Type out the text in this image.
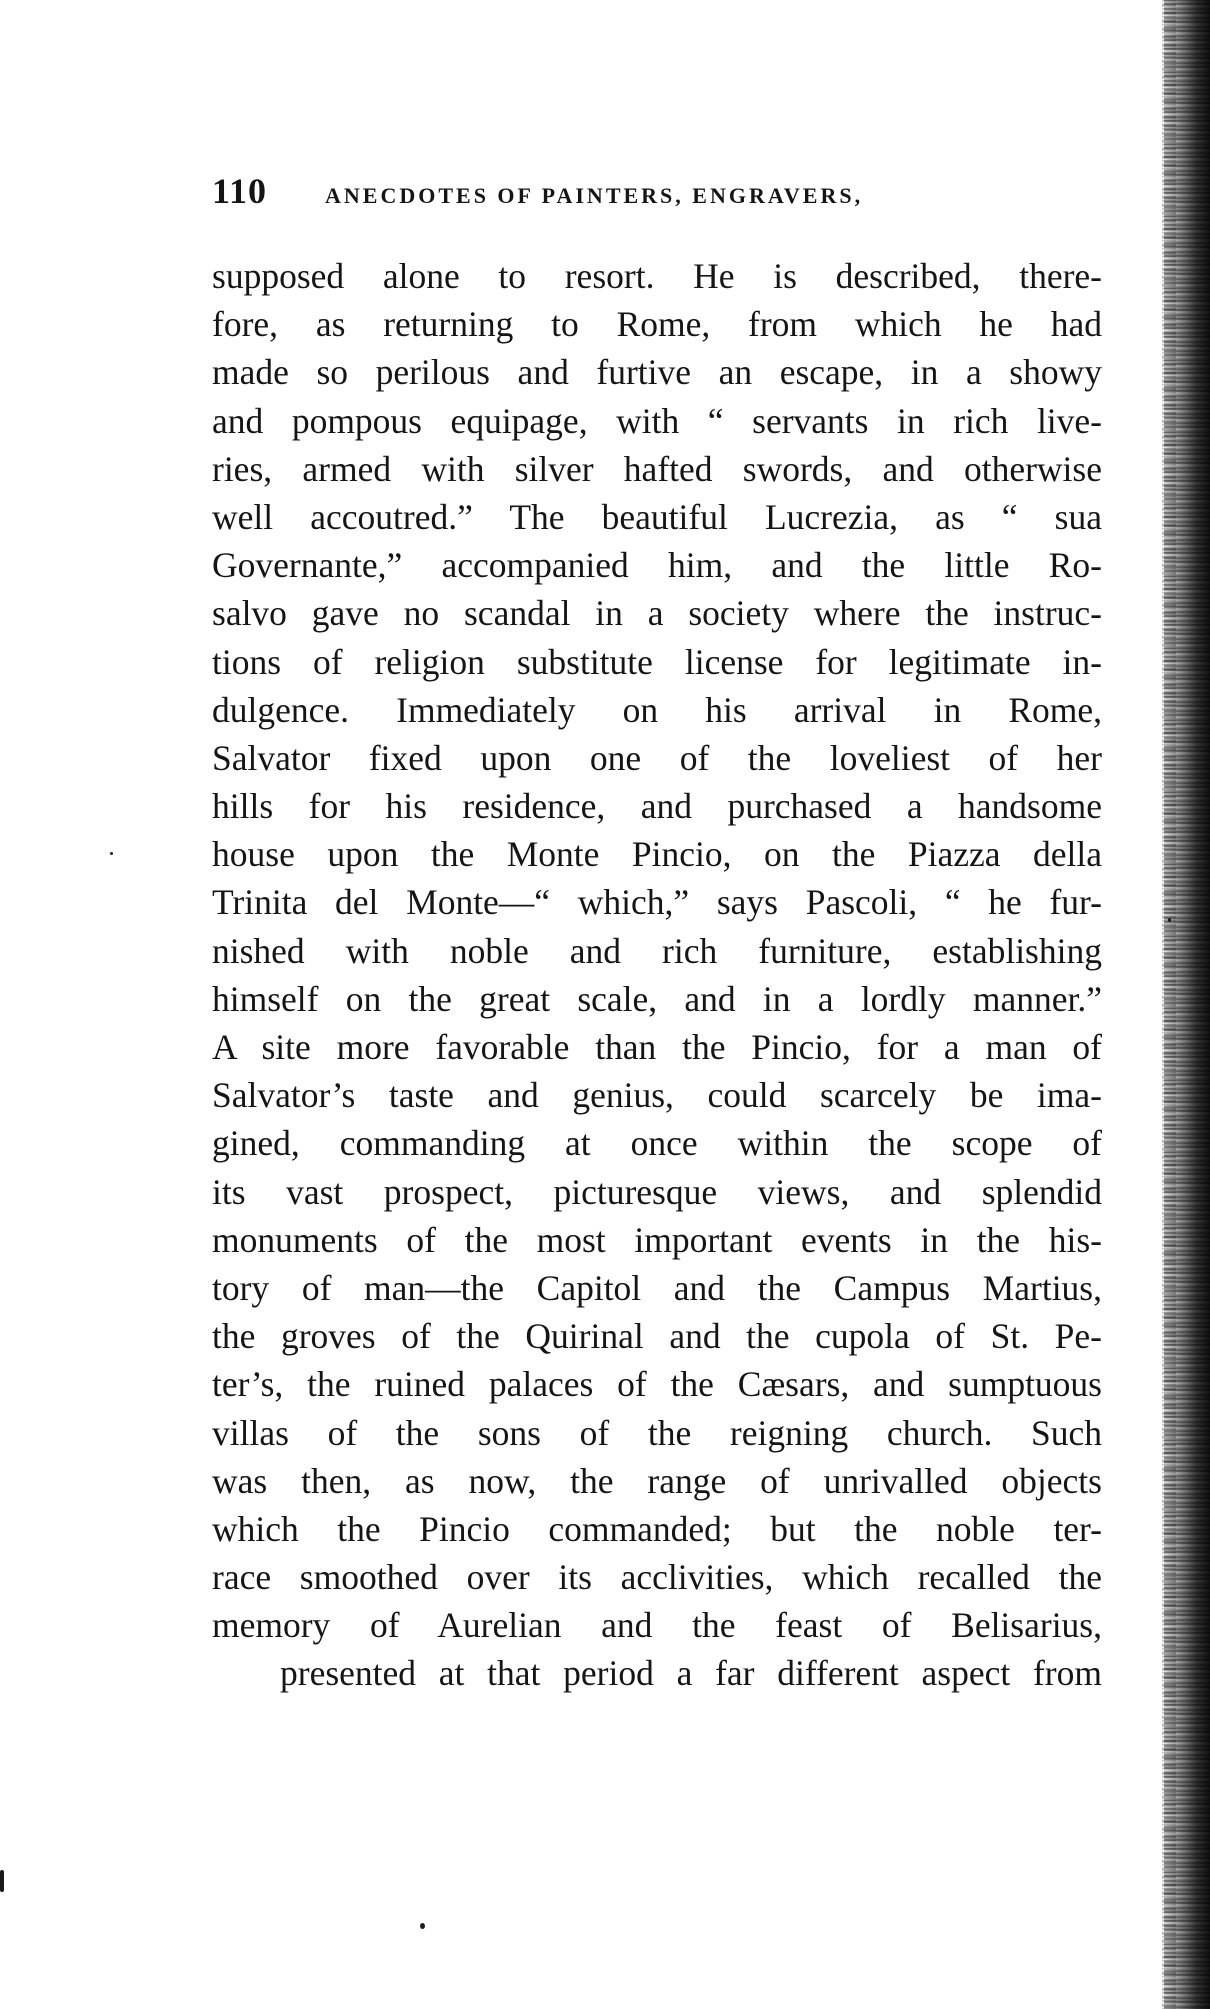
110	ANECDOTES OF PAINTERS, ENGRAVERS,
supposed alone to resort. He is described, there-
fore, as returning to Rome, from which he had
made so perilous and furtive an escape, in a showy
and pompous equipage, with “ servants in rich live-
ries, armed with silver hafted swords, and otherwise
well accoutred.” The beautiful Lucrezia, as “ sua
Governante,” accompanied him, and the little Ro-
salvo gave no scandal in a society where the instruc-
tions of religion substitute license for legitimate in-
dulgence. Immediately on his arrival in Rome,
Salvator fixed upon one of the loveliest of her
hills for his residence, and purchased a handsome
house upon the Monte Pincio, on the Piazza della
Trinita del Monte—“ which,” says Pascoli, “ he fur-
nished with noble and rich furniture, establishing
himself on the great scale, and in a lordly manner.”
A site more favorable than the Pincio, for a man of
Salvator’s taste and genius, could scarcely be ima-
gined, commanding at once within the scope of
its vast prospect, picturesque views, and splendid
monuments of the most important events in the his-
tory of man—the Capitol and the Campus Martius,
the groves of the Quirinal and the cupola of St. Pe-
ter’s, the ruined palaces of the Cæsars, and sumptuous
villas of the sons of the reigning church. Such
was then, as now, the range of unrivalled objects
which the Pincio commanded; but the noble ter-
race smoothed over its acclivities, which recalled the
memory of Aurelian and the feast of Belisarius,
presented at that period a far different aspect from
